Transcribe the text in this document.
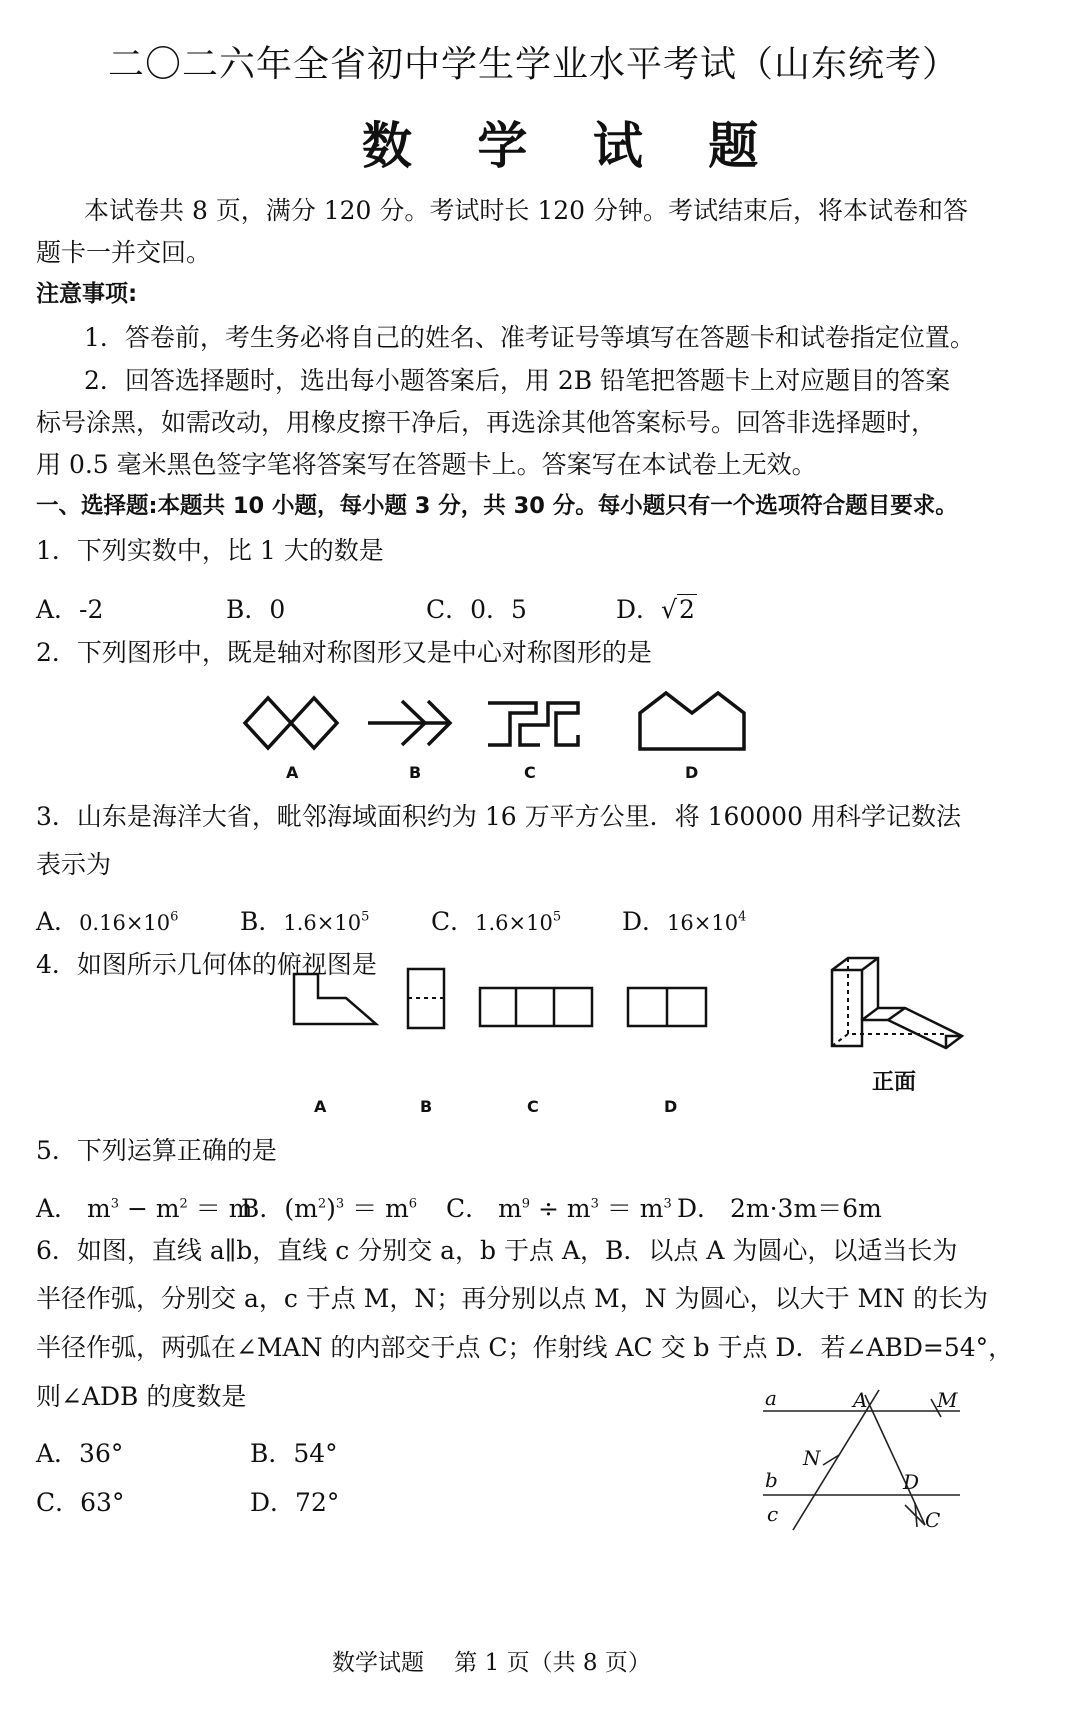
二〇二六年全省初中学生学业水平考试（山东统考）
数 学 试 题
本试卷共 8 页，满分 120 分。考试时长 120 分钟。考试结束后，将本试卷和答
题卡一并交回。
注意事项:
1．答卷前，考生务必将自己的姓名、准考证号等填写在答题卡和试卷指定位置。
2．回答选择题时，选出每小题答案后，用 2B 铅笔把答题卡上对应题目的答案
标号涂黑，如需改动，用橡皮擦干净后，再选涂其他答案标号。回答非选择题时，
用 0.5 毫米黑色签字笔将答案写在答题卡上。答案写在本试卷上无效。
一、选择题:本题共 10 小题，每小题 3 分，共 30 分。每小题只有一个选项符合题目要求。
1．下列实数中，比 1 大的数是
A．-2	B．0	C．0．5	D．√2
2．下列图形中，既是轴对称图形又是中心对称图形的是
A	B	C	D
3．山东是海洋大省，毗邻海域面积约为 16 万平方公里．将 160000 用科学记数法
表示为
A．$0.16\times 10^6$ B．$1.6\times 10^5$ C．$1.6\times 10^5$ D．$16\times 10^4$
4．如图所示几何体的俯视图是
A	B	C	D
正面
5．下列运算正确的是
A． $m^3 - m^2 = m$
B．$(m^2)^3 = m^6$ C． $m^9 \div m^3 = m^3$ D． 2m·3m＝6m
6．如图，直线 a∥b，直线 c 分别交 a，b 于点 A，B．以点 A 为圆心，以适当长为
半径作弧，分别交 a，c 于点 M，N；再分别以点 M，N 为圆心，以大于 MN 的长为
半径作弧，两弧在∠MAN 的内部交于点 C；作射线 AC 交 b 于点 D．若∠ABD=54°，
则∠ADB 的度数是
A．36°	B．54°
C．63°	D．72°
a	A	M
N
b	D
c	C
数学试题　 第 1 页（共 8 页）
